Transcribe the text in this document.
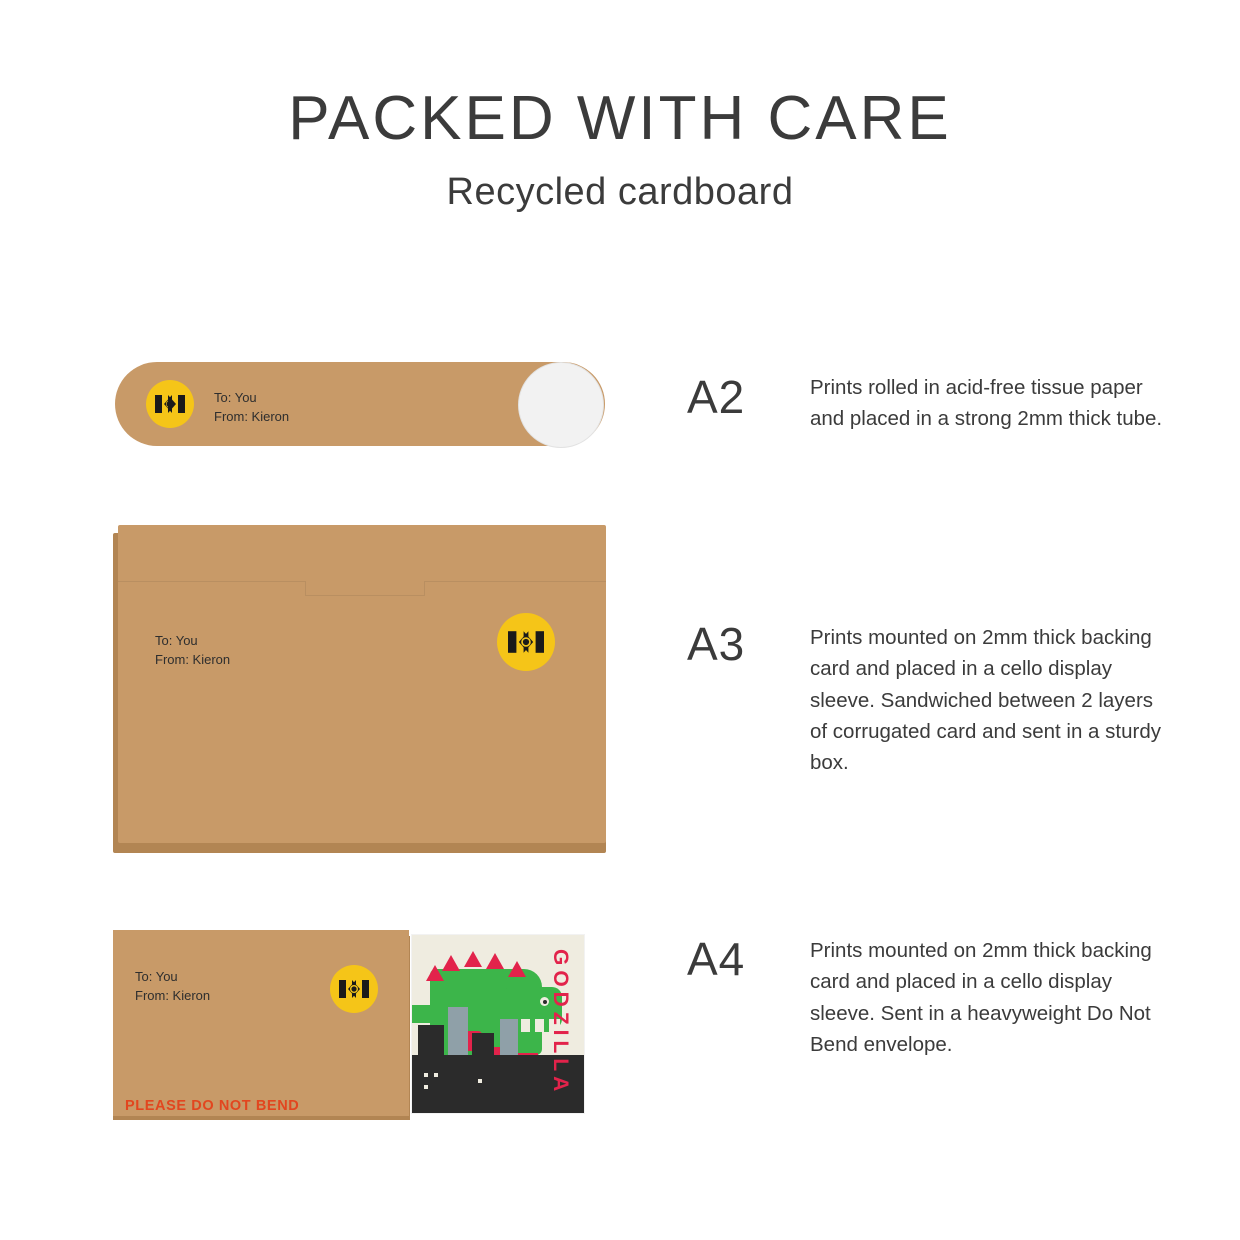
PACKED WITH CARE
Recycled cardboard
To: You
From: Kieron	A2	Prints rolled in acid-free tissue paper and placed in a strong 2mm thick tube.
To: You
From: Kieron	A3	Prints mounted on 2mm thick backing card and placed in a cello display sleeve. Sandwiched between 2 layers of corrugated card and sent in a sturdy box.
GODZILLA
To: You
From: Kieron
PLEASE DO NOT BEND
A4	Prints mounted on 2mm thick backing card and placed in a cello display sleeve. Sent in a heavyweight Do Not Bend envelope.
